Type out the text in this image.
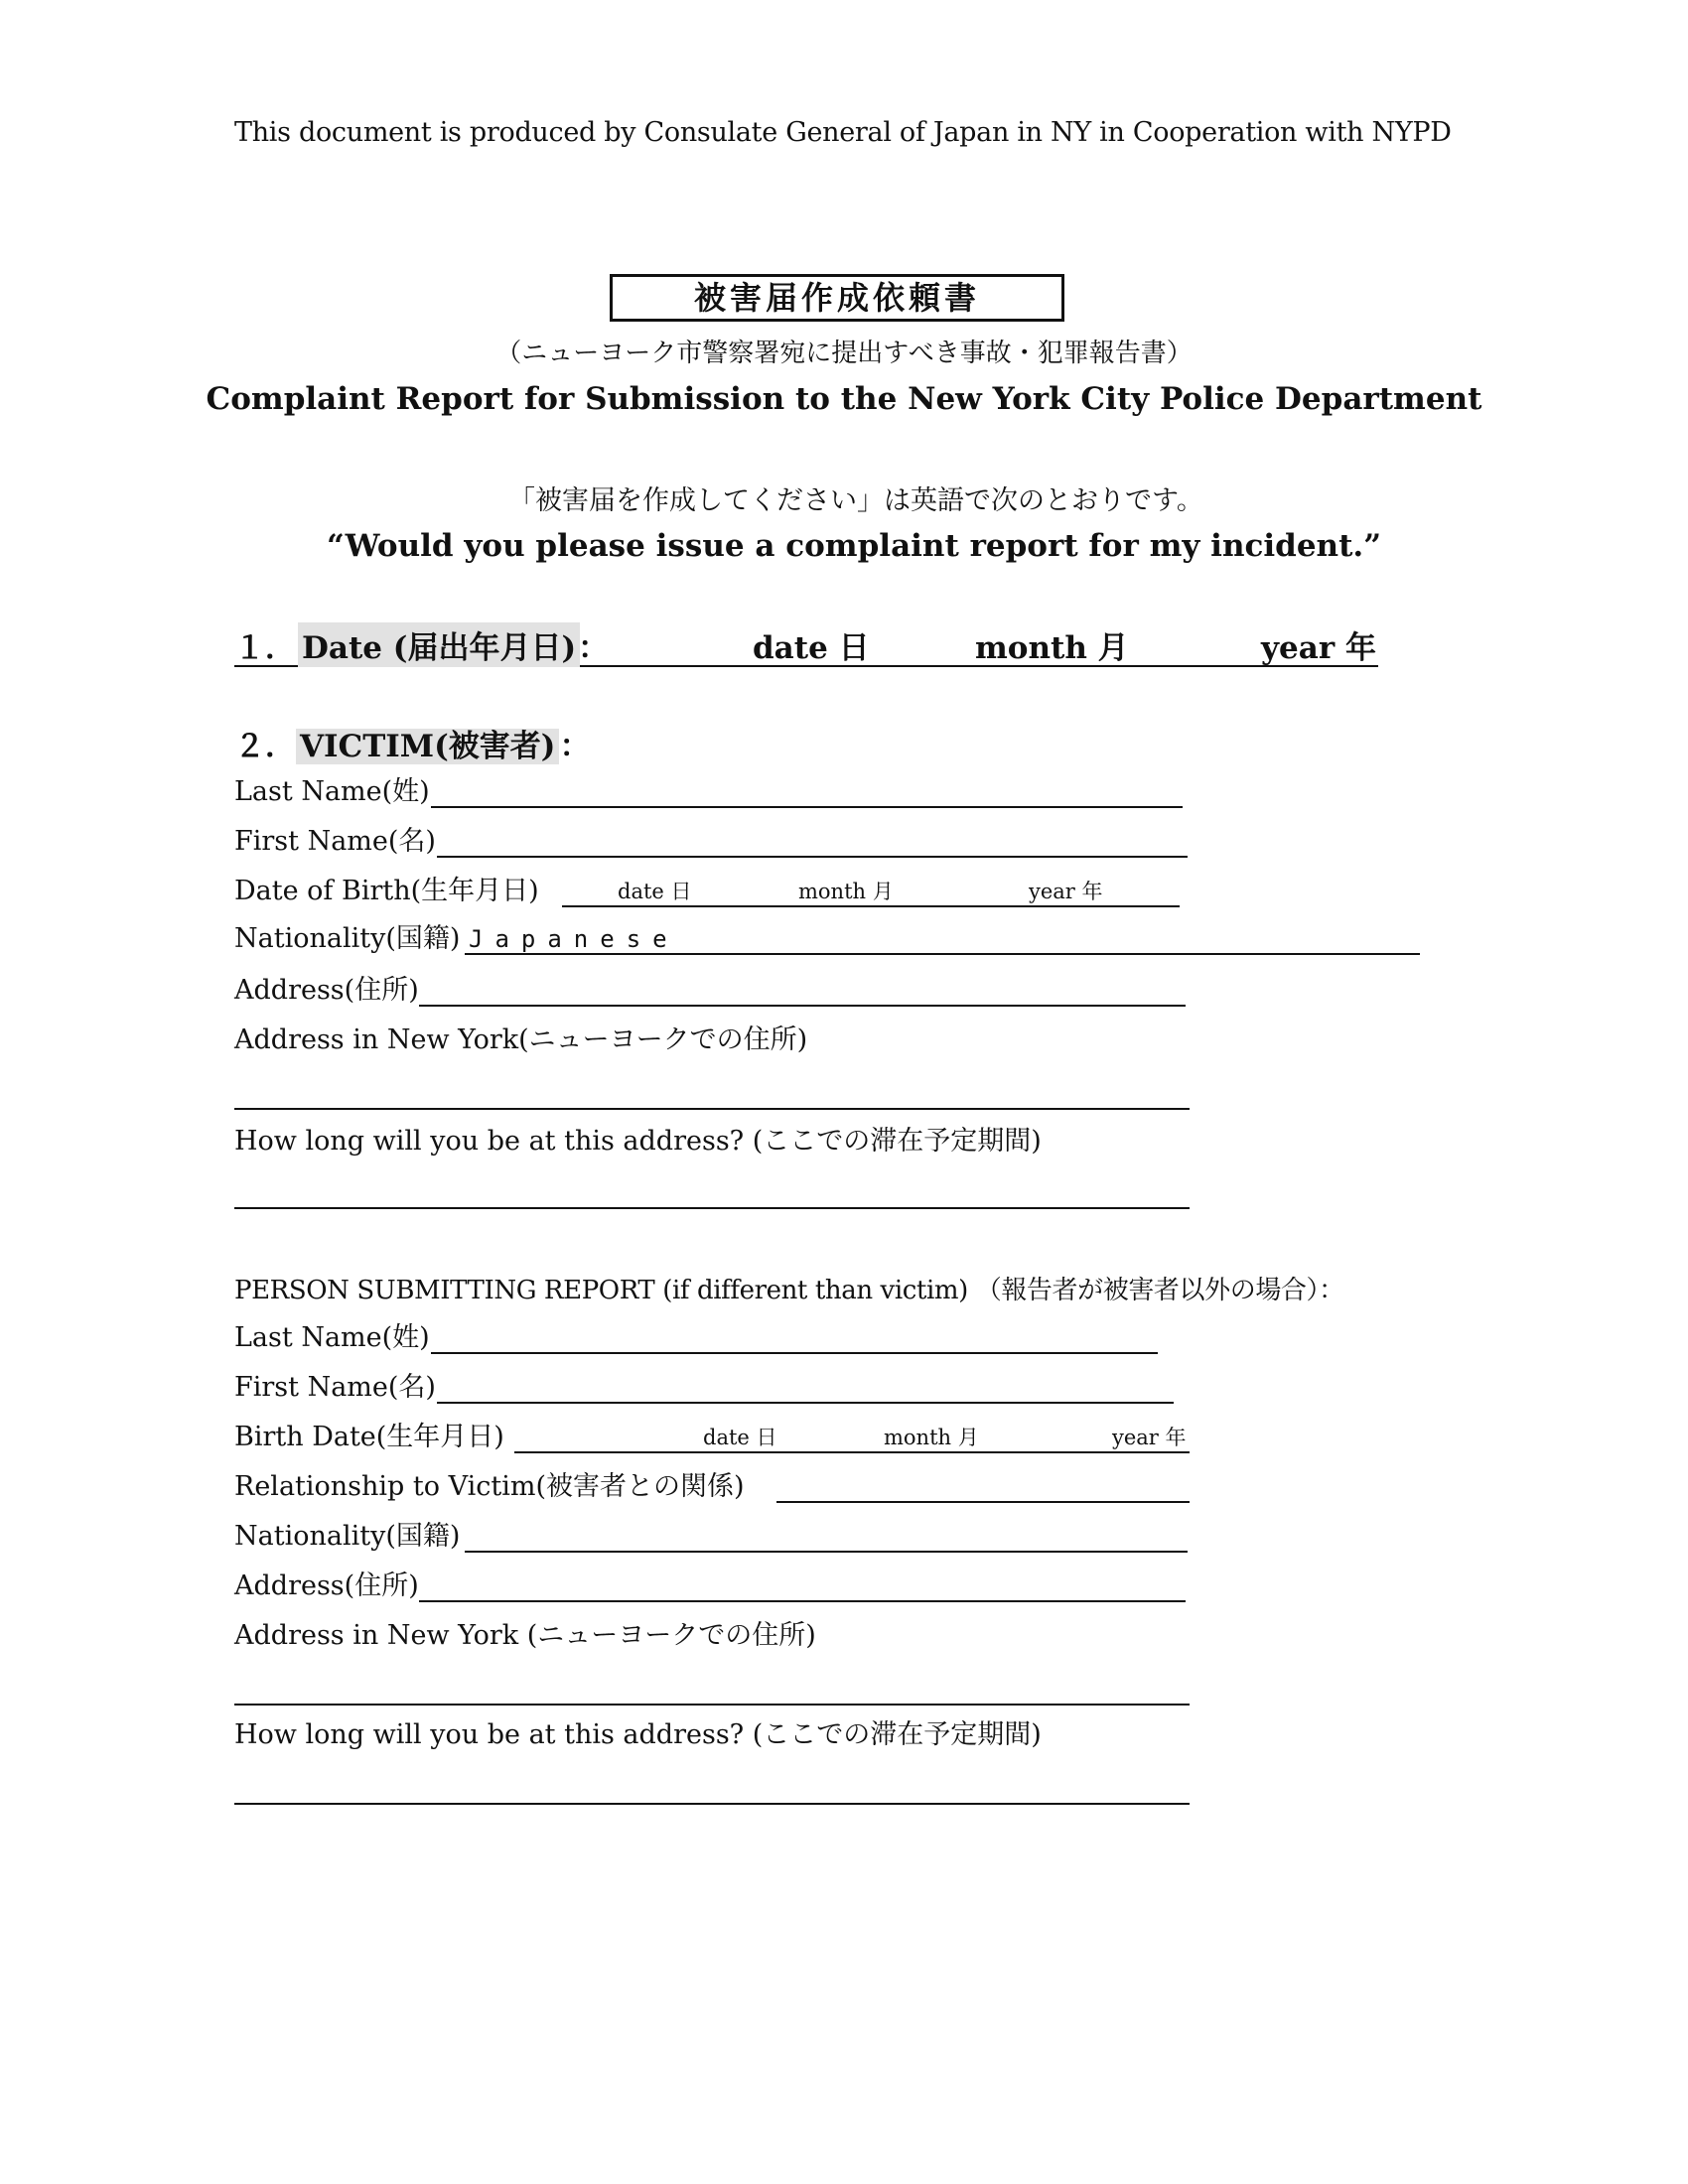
This document is produced by Consulate General of Japan in NY in Cooperation with NYPD
被害届作成依頼書
（ニューヨーク市警察署宛に提出すべき事故・犯罪報告書）
Complaint Report for Submission to the New York City Police Department
「被害届を作成してください」は英語で次のとおりです。
“Would you please issue a complaint report for my incident.”
１． Date (届出年月日) ：	date 日	month 月	year 年
２． VICTIM(被害者) ：
Last Name(姓)
First Name(名)
Date of Birth(生年月日)	date 日	month 月	year 年
Nationality(国籍) Japanese
Address(住所)
Address in New York(ニューヨークでの住所)
How long will you be at this address? (ここでの滞在予定期間)
PERSON SUBMITTING REPORT (if different than victim) （報告者が被害者以外の場合）：
Last Name(姓)
First Name(名)
Birth Date(生年月日)	date 日	month 月	year 年
Relationship to Victim(被害者との関係)
Nationality(国籍)
Address(住所)
Address in New York (ニューヨークでの住所)
How long will you be at this address? (ここでの滞在予定期間)
